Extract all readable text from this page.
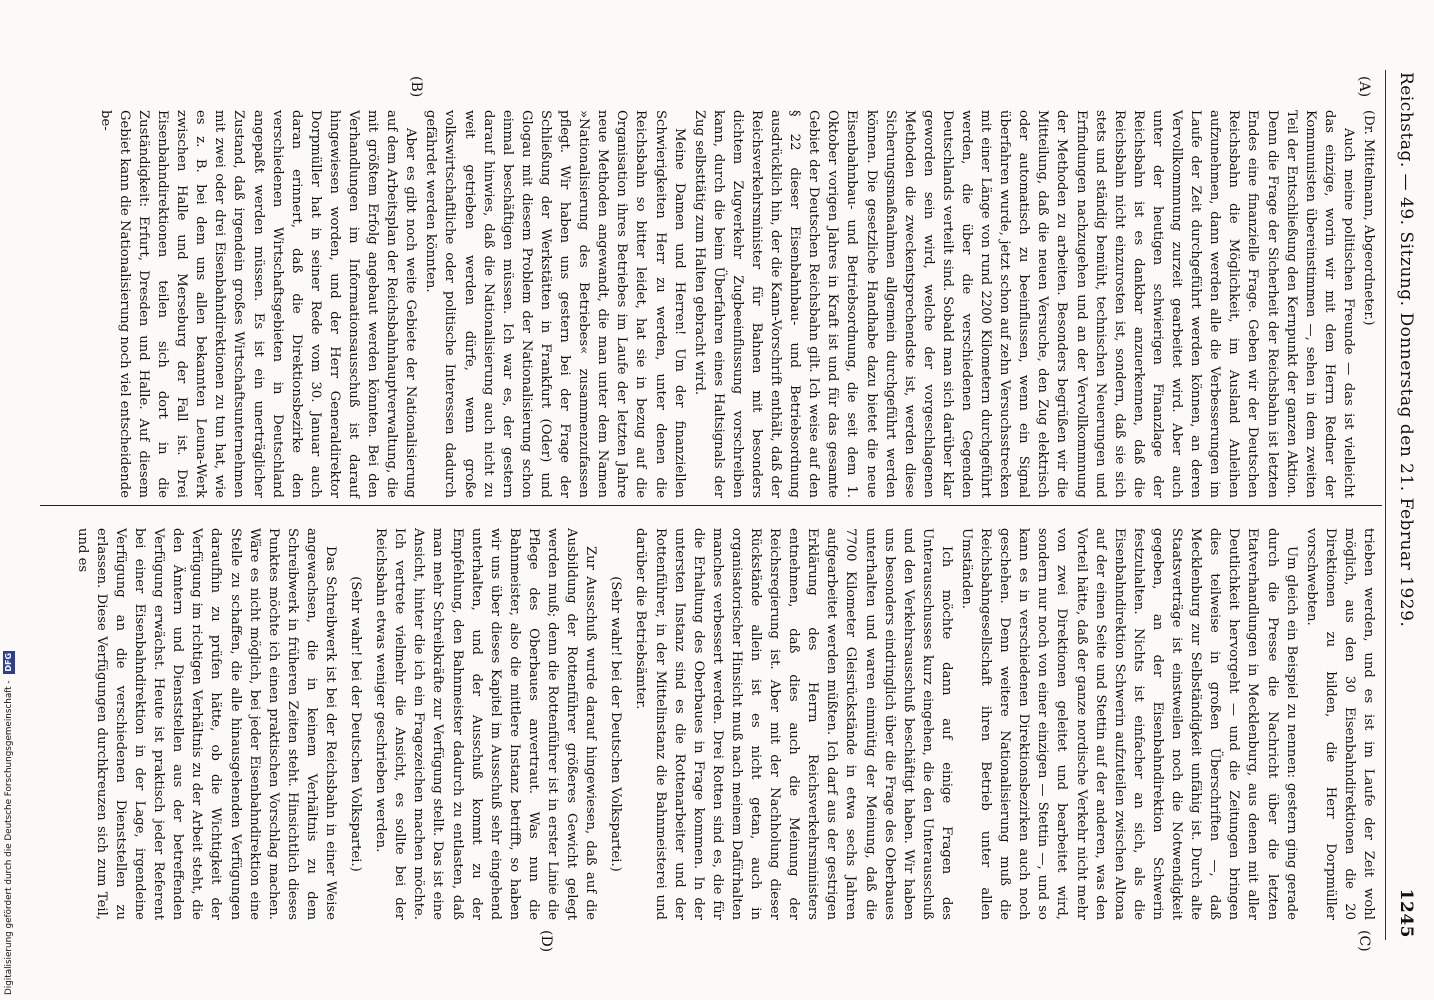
Digitalisierung gefördert durch die Deutsche Forschungsgemeinschaft - DFG
Reichstag. — 49. Sitzung. Donnerstag den 21. Februar 1929.
1245
(A)
(B)
(C)
(D)

(Dr. Mittelmann, Abgeordneter.)

Auch meine politischen Freunde — das ist vielleicht das einzige, worin wir mit dem Herrn Redner der Kommunisten übereinstimmen —, sehen in dem zweiten Teil der Entschließung den Kernpunkt der ganzen Aktion. Denn die Frage der Sicherheit der Reichsbahn ist letzten Endes eine finanzielle Frage. Geben wir der Deutschen Reichsbahn die Möglichkeit, im Ausland Anleihen aufzunehmen, dann werden alle die Verbesserungen im Laufe der Zeit durchgeführt werden können, an deren Vervollkommnung zurzeit gearbeitet wird. Aber auch unter der heutigen schwierigen Finanzlage der Reichsbahn ist es dankbar anzuerkennen, daß die Reichsbahn nicht einzurosten ist, sondern, daß sie sich stets und ständig bemüht, technischen Neuerungen und Erfindungen nachzugehen und an der Vervollkommnung der Methoden zu arbeiten. Besonders begrüßen wir die Mitteilung, daß die neuen Versuche, den Zug elektrisch oder automatisch zu beeinflussen, wenn ein Signal überfahren wurde, jetzt schon auf zehn Versuchsstrecken mit einer Länge von rund 2200 Kilometern durchgeführt werden, die über die verschiedenen Gegenden Deutschlands verteilt sind. Sobald man sich darüber klar geworden sein wird, welche der vorgeschlagenen Methoden die zweckentsprechendste ist, werden diese Sicherungsmaßnahmen allgemein durchgeführt werden können. Die gesetzliche Handhabe dazu bietet die neue Eisenbahnbau- und Betriebsordnung, die seit dem 1. Oktober vorigen Jahres in Kraft ist und für das gesamte Gebiet der Deutschen Reichsbahn gilt. Ich weise auf den § 22 dieser Eisenbahnbau- und Betriebsordnung ausdrücklich hin, der die Kann-Vorschrift enthält, daß der Reichsverkehrsminister für Bahnen mit besonders dichtem Zugverkehr Zugbeeinflussung vorschreiben kann, durch die beim Überfahren eines Haltsignals der Zug selbsttätig zum Halten gebracht wird.

Meine Damen und Herren! Um der finanziellen Schwierigkeiten Herr zu werden, unter denen die Reichsbahn so bitter leidet, hat sie in bezug auf die Organisation ihres Betriebes im Laufe der letzten Jahre neue Methoden angewandt, die man unter dem Namen »Nationalisierung des Betriebes« zusammenzufassen pflegt. Wir haben uns gestern bei der Frage der Schließung der Werkstätten in Frankfurt (Oder) und Glogau mit diesem Problem der Nationalisierung schon einmal beschäftigen müssen. Ich war es, der gestern darauf hinwies, daß die Nationalisierung auch nicht zu weit getrieben werden dürfe, wenn große volkswirtschaftliche oder politische Interessen dadurch gefährdet werden könnten.

Aber es gibt noch weite Gebiete der Nationalisierung auf dem Arbeitsplan der Reichsbahnhauptverwaltung, die mit größtem Erfolg angebaut werden könnten. Bei den Verhandlungen im Informationsausschuß ist darauf hingewiesen worden, und der Herr Generaldirektor Dorpmüller hat in seiner Rede vom 30. Januar auch daran erinnert, daß die Direktionsbezirke den verschiedenen Wirtschaftsgebieten in Deutschland angepaßt werden müssen. Es ist ein unerträglicher Zustand, daß irgendein großes Wirtschaftsunternehmen mit zwei oder drei Eisenbahndirektionen zu tun hat, wie es z. B. bei dem uns allen bekannten Leuna-Werk zwischen Halle und Merseburg der Fall ist. Drei Eisenbahndirektionen teilen sich dort in die Zuständigkeit: Erfurt, Dresden und Halle. Auf diesem Gebiet kann die Nationalisierung noch viel entscheidende be-

trieben werden, und es ist im Laufe der Zeit wohl möglich, aus den 30 Eisenbahndirektionen die 20 Direktionen zu bilden, die Herr Dorpmüller vorschwebten.

Um gleich ein Beispiel zu nennen: gestern ging gerade durch die Presse die Nachricht über die letzten Etatverhandlungen in Mecklenburg, aus denen mit aller Deutlichkeit hervorgeht — und die Zeitungen bringen dies teilweise in großen Überschriften —, daß Mecklenburg zur Selbständigkeit unfähig ist. Durch alte Staatsverträge ist einstweilen noch die Notwendigkeit gegeben, an der Eisenbahndirektion Schwerin festzuhalten. Nichts ist einfacher an sich, als die Eisenbahndirektion Schwerin aufzuteilen zwischen Altona auf der einen Seite und Stettin auf der anderen, was den Vorteil hätte, daß der ganze nordische Verkehr nicht mehr von zwei Direktionen geleitet und bearbeitet wird, sondern nur noch von einer einzigen — Stettin —, und so kann es in verschiedenen Direktionsbezirken auch noch geschehen. Denn weitere Nationalisierung muß die Reichsbahngesellschaft ihren Betrieb unter allen Umständen.

Ich möchte dann auf einige Fragen des Unterausschusses kurz eingehen, die den Unterausschuß und den Verkehrsausschuß beschäftigt haben. Wir haben uns besonders eindringlich über die Frage des Oberbaues unterhalten und waren einmütig der Meinung, daß die 7700 Kilometer Gleisrückstände in etwa sechs Jahren aufgearbeitet werden müßten. Ich darf aus der gestrigen Erklärung des Herrn Reichsverkehrsministers entnehmen, daß dies auch die Meinung der Reichsregierung ist. Aber mit der Nachholung dieser Rückstände allein ist es nicht getan, auch in organisatorischer Hinsicht muß nach meinem Dafürhalten manches verbessert werden. Drei Rotten sind es, die für die Erhaltung des Oberbaues in Frage kommen. In der untersten Instanz sind es die Rottenarbeiter und der Rottenführer, in der Mittelinstanz die Bahnmeisterei und darüber die Betriebsämter.

(Sehr wahr! bei der Deutschen Volkspartei.)

Zur Ausschuß wurde darauf hingewiesen, daß auf die Ausbildung der Rottenführer größeres Gewicht gelegt werden muß; denn die Rottenführer ist in erster Linie die Pflege des Oberbaues anvertraut. Was nun die Bahnmeister, also die mittlere Instanz betrifft, so haben wir uns über dieses Kapitel im Ausschuß sehr eingehend unterhalten, und der Ausschuß kommt zu der Empfehlung, den Bahnmeister dadurch zu entlasten, daß man mehr Schreibkräfte zur Verfügung stellt. Das ist eine Ansicht, hinter die ich ein Fragezeichen machen möchte. Ich vertrete vielmehr die Ansicht, es sollte bei der Reichsbahn etwas weniger geschrieben werden.

(Sehr wahr! bei der Deutschen Volkspartei.)

Das Schreibwerk ist bei der Reichsbahn in einer Weise angewachsen, die in keinem Verhältnis zu dem Schreibwerk in früheren Zeiten steht. Hinsichtlich dieses Punktes möchte ich einen praktischen Vorschlag machen. Wäre es nicht möglich, bei jeder Eisenbahndirektion eine Stelle zu schaffen, die alle hinausgehenden Verfügungen daraufhin zu prüfen hätte, ob die Wichtigkeit der Verfügung im richtigen Verhältnis zu der Arbeit steht, die den Ämtern und Dienststellen aus der betreffenden Verfügung erwächst. Heute ist praktisch jeder Referent bei einer Eisenbahndirektion in der Lage, irgendeine Verfügung an die verschiedenen Dienststellen zu erlassen. Diese Verfügungen durchkreuzen sich zum Teil, und es
